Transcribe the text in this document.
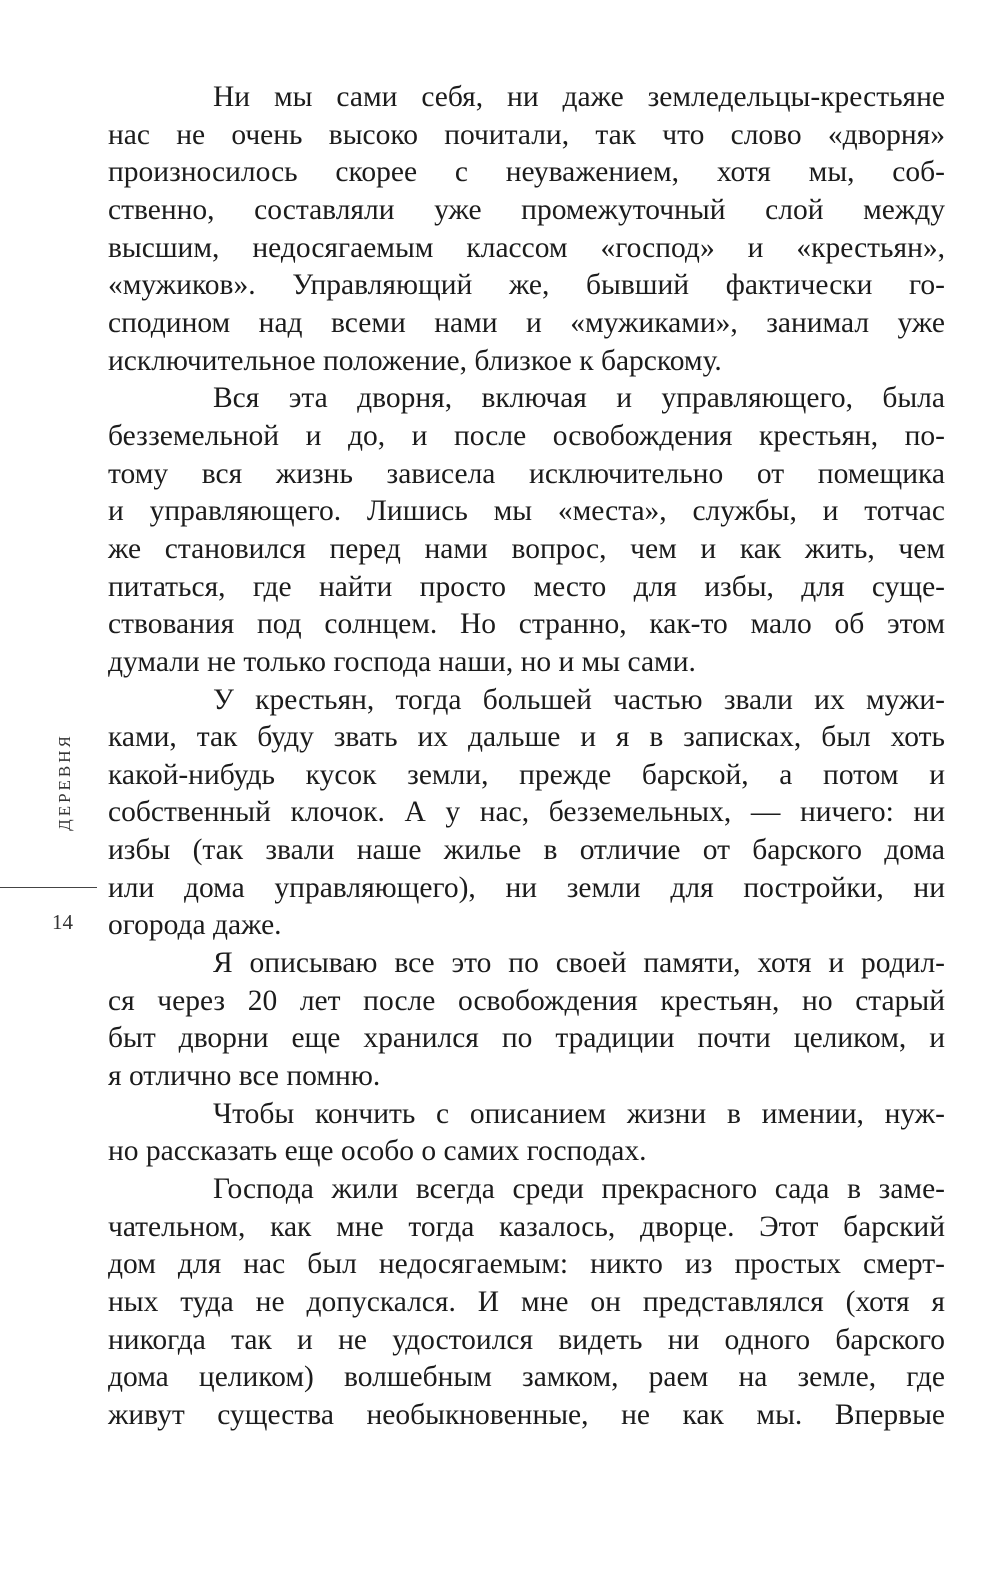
ДЕРЕВНЯ
14
Ни мы сами себя, ни даже земледельцы-крестьяне
нас не очень высоко почитали, так что слово «дворня»
произносилось скорее с неуважением, хотя мы, соб-
ственно, составляли уже промежуточный слой между
высшим, недосягаемым классом «господ» и «крестьян»,
«мужиков». Управляющий же, бывший фактически го-
сподином над всеми нами и «мужиками», занимал уже
исключительное положение, близкое к барскому.
Вся эта дворня, включая и управляющего, была
безземельной и до, и после освобождения крестьян, по-
тому вся жизнь зависела исключительно от помещика
и управляющего. Лишись мы «места», службы, и тотчас
же становился перед нами вопрос, чем и как жить, чем
питаться, где найти просто место для избы, для суще-
ствования под солнцем. Но странно, как-то мало об этом
думали не только господа наши, но и мы сами.
У крестьян, тогда большей частью звали их мужи-
ками, так буду звать их дальше и я в записках, был хоть
какой-нибудь кусок земли, прежде барской, а потом и
собственный клочок. А у нас, безземельных, — ничего: ни
избы (так звали наше жилье в отличие от барского дома
или дома управляющего), ни земли для постройки, ни
огорода даже.
Я описываю все это по своей памяти, хотя и родил-
ся через 20 лет после освобождения крестьян, но старый
быт дворни еще хранился по традиции почти целиком, и
я отлично все помню.
Чтобы кончить с описанием жизни в имении, нуж-
но рассказать еще особо о самих господах.
Господа жили всегда среди прекрасного сада в заме-
чательном, как мне тогда казалось, дворце. Этот барский
дом для нас был недосягаемым: никто из простых смерт-
ных туда не допускался. И мне он представлялся (хотя я
никогда так и не удостоился видеть ни одного барского
дома целиком) волшебным замком, раем на земле, где
живут существа необыкновенные, не как мы. Впервые
